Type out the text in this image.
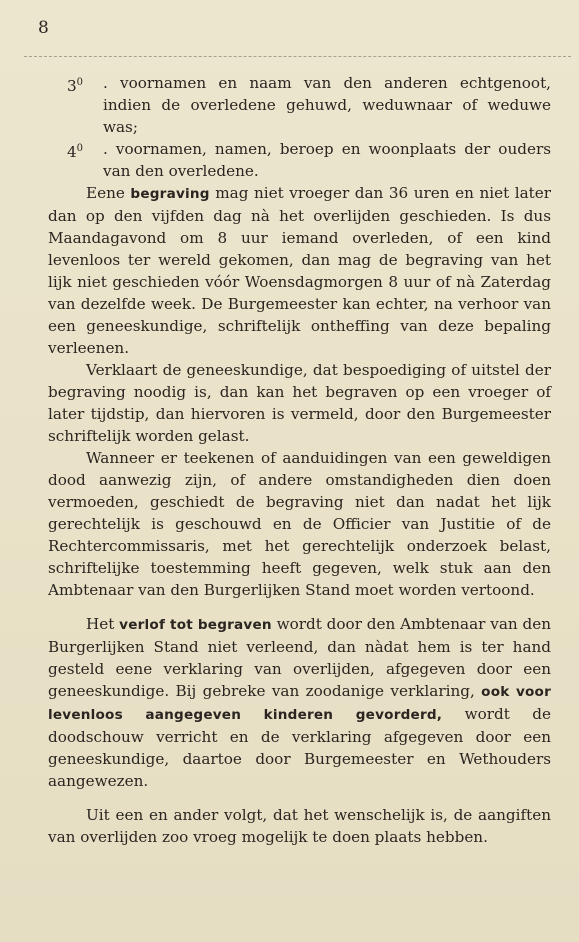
8
$3^0$	. voornamen en naam van den anderen echtgenoot, indien de overledene gehuwd, weduwnaar of weduwe was;

$4^0$	. voornamen, namen, beroep en woonplaats der ouders van den overledene.

Eene begraving mag niet vroeger dan 36 uren en niet later dan op den vijfden dag nà het overlijden geschieden. Is dus Maandagavond om 8 uur iemand overleden, of een kind levenloos ter wereld gekomen, dan mag de begraving van het lijk niet geschieden vóór Woensdagmorgen 8 uur of nà Zaterdag van dezelfde week. De Burgemeester kan echter, na verhoor van een geneeskundige, schriftelijk ontheffing van deze bepaling verleenen.

Verklaart de geneeskundige, dat bespoediging of uitstel der begraving noodig is, dan kan het begraven op een vroeger of later tijdstip, dan hiervoren is vermeld, door den Burgemeester schriftelijk worden gelast.

Wanneer er teekenen of aanduidingen van een geweldigen dood aanwezig zijn, of andere omstandigheden dien doen vermoeden, geschiedt de begraving niet dan nadat het lijk gerechtelijk is geschouwd en de Officier van Justitie of de Rechtercommissaris, met het gerechtelijk onderzoek belast, schriftelijke toestemming heeft gegeven, welk stuk aan den Ambtenaar van den Burgerlijken Stand moet worden vertoond.

Het verlof tot begraven wordt door den Ambtenaar van den Burgerlijken Stand niet verleend, dan nàdat hem is ter hand gesteld eene verklaring van overlijden, afgegeven door een geneeskundige. Bij gebreke van zoodanige verklaring, ook voor levenloos aangegeven kinderen gevorderd, wordt de doodschouw verricht en de verklaring afgegeven door een geneeskundige, daartoe door Burgemeester en Wethouders aangewezen.

Uit een en ander volgt, dat het wenschelijk is, de aangiften van overlijden zoo vroeg mogelijk te doen plaats hebben.
